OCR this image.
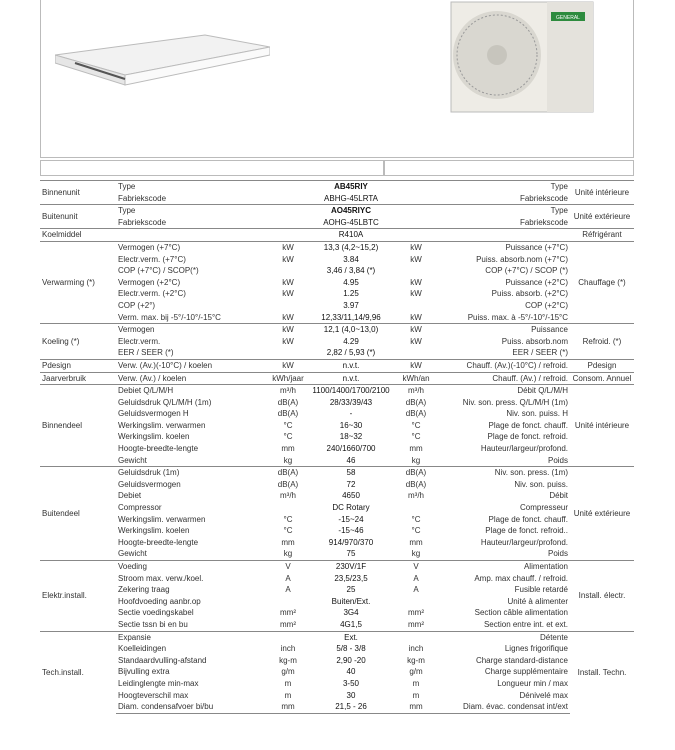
GENERAL
Binnenunit	Type		AB45RIY		Type	Unité intérieure
	Fabriekscode		ABHG-45LRTA		Fabriekscode	
Buitenunit	Type		AO45RIYC		Type	Unité extérieure
	Fabriekscode		AOHG-45LBTC		Fabriekscode	
Koelmiddel			R410A			Réfrigérant
Verwarming (*)	Vermogen (+7°C)	kW	13,3 (4,2~15,2)	kW	Puissance (+7°C)	Chauffage (*)
	Electr.verm. (+7°C)	kW	3.84	kW	Puiss. absorb.nom (+7°C)	
	COP (+7°C) / SCOP(*)		3,46 / 3,84 (*)		COP (+7°C) / SCOP (*)	
	Vermogen (+2°C)	kW	4.95	kW	Puissance (+2°C)	
	Electr.verm. (+2°C)	kW	1.25	kW	Puiss. absorb. (+2°C)	
	COP (+2°)		3.97		COP (+2°C)	
	Verm. max. bij -5°/-10°/-15°C	kW	12,33/11,14/9,96	kW	Puiss. max. à -5°/-10°/-15°C	
Koeling (*)	Vermogen	kW	12,1 (4,0~13,0)	kW	Puissance	Refroid. (*)
	Electr.verm.	kW	4.29	kW	Puiss. absorb.nom	
	EER / SEER (*)		2,82 / 5,93 (*)		EER / SEER (*)	
Pdesign	Verw. (Av.)(-10°C) / koelen	kW	n.v.t.	kW	Chauff. (Av.)(-10°C) / refroid.	Pdesign
Jaarverbruik	Verw. (Av.) / koelen	kWh/jaar	n.v.t.	kWh/an	Chauff. (Av.) / refroid.	Consom. Annuel
Binnendeel	Debiet Q/L/M/H	m³/h	1100/1400/1700/2100	m³/h	Débit Q/L/M/H	Unité intérieure
	Geluidsdruk Q/L/M/H (1m)	dB(A)	28/33/39/43	dB(A)	Niv. son. press. Q/L/M/H (1m)	
	Geluidsvermogen H	dB(A)	-	dB(A)	Niv. son. puiss. H	
	Werkingslim. verwarmen	°C	16~30	°C	Plage de fonct. chauff.	
	Werkingslim. koelen	°C	18~32	°C	Plage de fonct. refroid.	
	Hoogte-breedte-lengte	mm	240/1660/700	mm	Hauteur/largeur/profond.	
	Gewicht	kg	46	kg	Poids	
Buitendeel	Geluidsdruk (1m)	dB(A)	58	dB(A)	Niv. son. press. (1m)	Unité extérieure
	Geluidsvermogen	dB(A)	72	dB(A)	Niv. son. puiss.	
	Debiet	m³/h	4650	m³/h	Débit	
	Compressor		DC Rotary		Compresseur	
	Werkingslim. verwarmen	°C	-15~24	°C	Plage de fonct. chauff.	
	Werkingslim. koelen	°C	-15~46	°C	Plage de fonct. refroid..	
	Hoogte-breedte-lengte	mm	914/970/370	mm	Hauteur/largeur/profond.	
	Gewicht	kg	75	kg	Poids	
Elektr.install.	Voeding	V	230V/1F	V	Alimentation	Install. électr.
	Stroom max. verw./koel.	A	23,5/23,5	A	Amp. max chauff. / refroid.	
	Zekering traag	A	25	A	Fusible retardé	
	Hoofdvoeding aanbr.op		Buiten/Ext.		Unité à alimenter	
	Sectie voedingskabel	mm²	3G4	mm²	Section câble alimentation	
	Sectie tssn bi en bu	mm²	4G1,5	mm²	Section entre int. et ext.	
Tech.install.	Expansie		Ext.		Détente	Install. Techn.
	Koelleidingen	inch	5/8 - 3/8	inch	Lignes frigorifique	
	Standaardvulling-afstand	kg-m	2,90 -20	kg-m	Charge standard-distance	
	Bijvulling extra	g/m	40	g/m	Charge supplémentaire	
	Leidinglengte min-max	m	3-50	m	Longueur min / max	
	Hoogteverschil max	m	30	m	Dénivelé max	
	Diam. condensafvoer bi/bu	mm	21,5 - 26	mm	Diam. évac. condensat int/ext	
